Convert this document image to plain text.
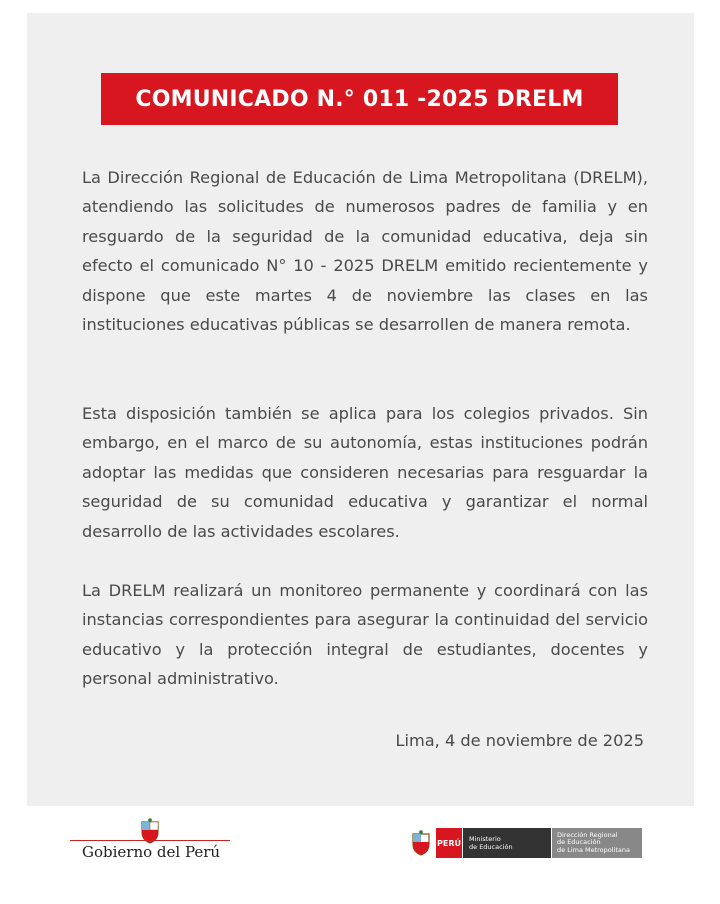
COMUNICADO N.° 011 -2025 DRELM

La Dirección Regional de Educación de Lima Metropolitana (DRELM), atendiendo las solicitudes de numerosos padres de familia y en resguardo de la seguridad de la comunidad educativa, deja sin efecto el comunicado N° 10 - 2025 DRELM emitido recientemente y dispone que este martes 4 de noviembre las clases en las instituciones educativas públicas se desarrollen de manera remota.

Esta disposición también se aplica para los colegios privados. Sin embargo, en el marco de su autonomía, estas instituciones podrán adoptar las medidas que consideren necesarias para resguardar la seguridad de su comunidad educativa y garantizar el normal desarrollo de las actividades escolares.

La DRELM realizará un monitoreo permanente y coordinará con las instancias correspondientes para asegurar la continuidad del servicio educativo y la protección integral de estudiantes, docentes y personal administrativo.

Lima, 4 de noviembre de 2025
Gobierno del Perú	PERÚ Ministerio
de Educación
Dirección Regional
de Educación
de Lima Metropolitana
